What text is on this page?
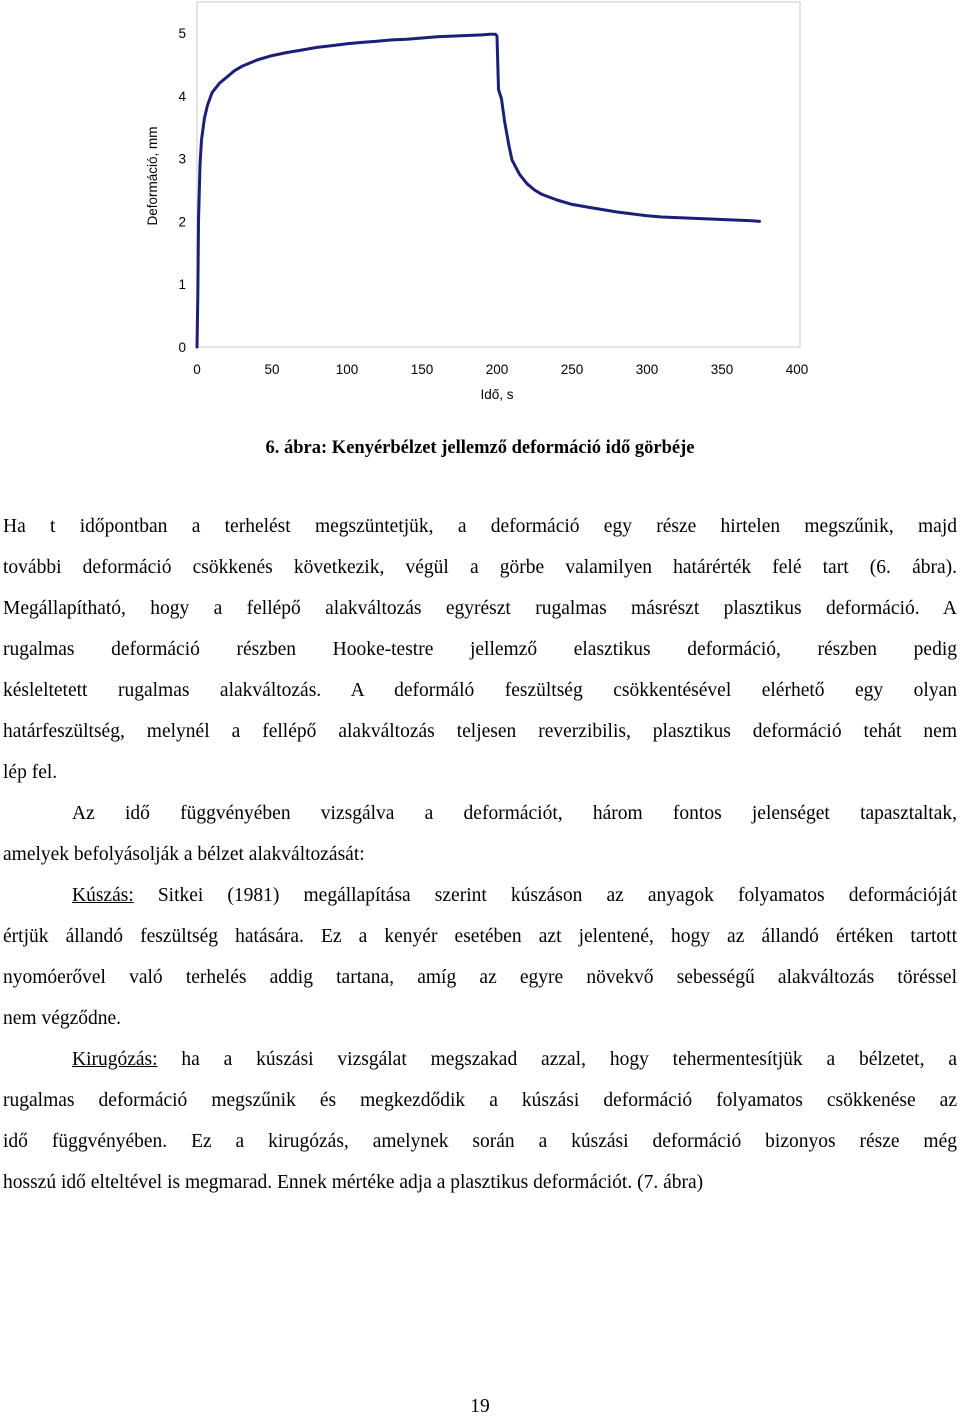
0	50	100	150	200	250	300	350	400
0
1
2
3
4
5
Idő, s
Deformáció, mm
6. ábra: Kenyérbélzet jellemző deformáció idő görbéje
Ha t időpontban a terhelést megszüntetjük, a deformáció egy része hirtelen megszűnik, majd
további deformáció csökkenés következik, végül a görbe valamilyen határérték felé tart (6. ábra).
Megállapítható, hogy a fellépő alakváltozás egyrészt rugalmas másrészt plasztikus deformáció. A
rugalmas deformáció részben Hooke-testre jellemző elasztikus deformáció, részben pedig
késleltetett rugalmas alakváltozás. A deformáló feszültség csökkentésével elérhető egy olyan
határfeszültség, melynél a fellépő alakváltozás teljesen reverzibilis, plasztikus deformáció tehát nem
lép fel.
Az idő függvényében vizsgálva a deformációt, három fontos jelenséget tapasztaltak,
amelyek befolyásolják a bélzet alakváltozását:
Kúszás: Sitkei (1981) megállapítása szerint kúszáson az anyagok folyamatos deformációját
értjük állandó feszültség hatására. Ez a kenyér esetében azt jelentené, hogy az állandó értéken tartott
nyomóerővel való terhelés addig tartana, amíg az egyre növekvő sebességű alakváltozás töréssel
nem végződne.
Kirugózás: ha a kúszási vizsgálat megszakad azzal, hogy tehermentesítjük a bélzetet, a
rugalmas deformáció megszűnik és megkezdődik a kúszási deformáció folyamatos csökkenése az
idő függvényében. Ez a kirugózás, amelynek során a kúszási deformáció bizonyos része még
hosszú idő elteltével is megmarad. Ennek mértéke adja a plasztikus deformációt. (7. ábra)
19
